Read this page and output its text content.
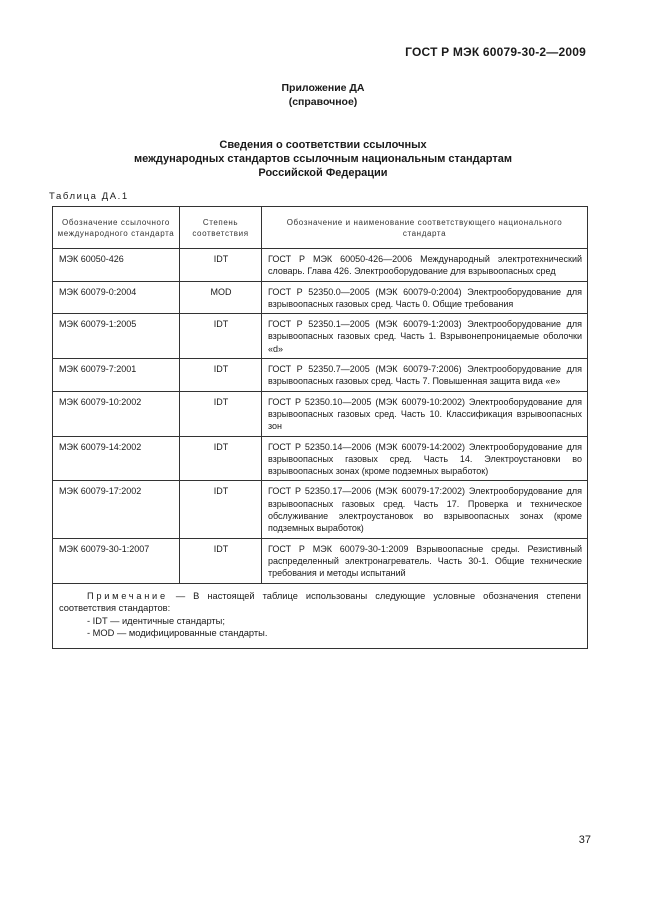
ГОСТ Р МЭК 60079-30-2—2009
Приложение ДА
(справочное)
Сведения о соответствии ссылочных
международных стандартов ссылочным национальным стандартам
Российской Федерации
Таблица ДА.1
Обозначение ссылочного международного стандарта	Степень соответствия	Обозначение и наименование соответствующего национального стандарта
МЭК 60050-426	IDT	ГОСТ Р МЭК 60050-426—2006 Международный электротехнический словарь. Глава 426. Электрооборудование для взрывоопасных сред
МЭК 60079-0:2004	MOD	ГОСТ Р 52350.0—2005 (МЭК 60079-0:2004) Электрооборудование для взрывоопасных газовых сред. Часть 0. Общие требования
МЭК 60079-1:2005	IDT	ГОСТ Р 52350.1—2005 (МЭК 60079-1:2003) Электрооборудование для взрывоопасных газовых сред. Часть 1. Взрывонепроницаемые оболочки «d»
МЭК 60079-7:2001	IDT	ГОСТ Р 52350.7—2005 (МЭК 60079-7:2006) Электрооборудование для взрывоопасных газовых сред. Часть 7. Повышенная защита вида «е»
МЭК 60079-10:2002	IDT	ГОСТ Р 52350.10—2005 (МЭК 60079-10:2002) Электрооборудование для взрывоопасных газовых сред. Часть 10. Классификация взрывоопасных зон
МЭК 60079-14:2002	IDT	ГОСТ Р 52350.14—2006 (МЭК 60079-14:2002) Электрооборудование для взрывоопасных газовых сред. Часть 14. Электроустановки во взрывоопасных зонах (кроме подземных выработок)
МЭК 60079-17:2002	IDT	ГОСТ Р 52350.17—2006 (МЭК 60079-17:2002) Электрооборудование для взрывоопасных газовых сред. Часть 17. Проверка и техническое обслуживание электроустановок во взрывоопасных зонах (кроме подземных выработок)
МЭК 60079-30-1:2007	IDT	ГОСТ Р МЭК 60079-30-1:2009 Взрывоопасные среды. Резистивный распределенный электронагреватель. Часть 30-1. Общие технические требования и методы испытаний

Примечание — В настоящей таблице использованы следующие условные обозначения степени соответствия стандартов:
- IDT — идентичные стандарты;
- MOD — модифицированные стандарты.		
37
